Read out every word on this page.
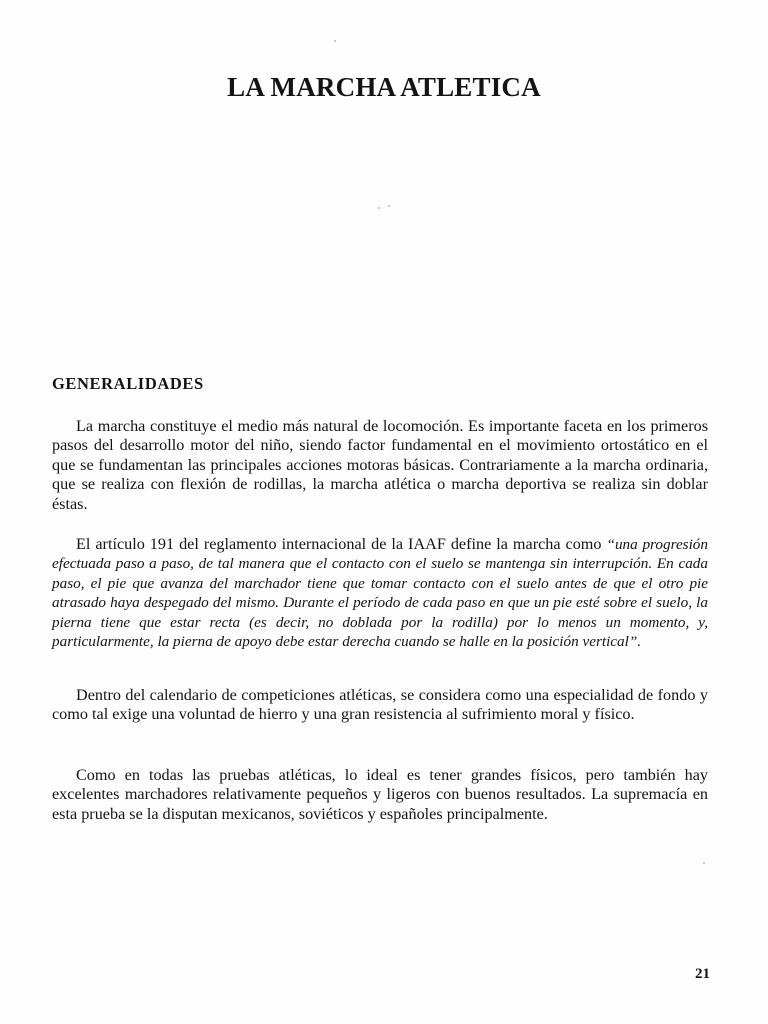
LA MARCHA ATLETICA
GENERALIDADES

La marcha constituye el medio más natural de locomoción. Es importante faceta en los primeros pasos del desarrollo motor del niño, siendo factor fundamental en el movimiento ortostático en el que se fundamentan las principales acciones motoras básicas. Contrariamente a la marcha ordinaria, que se realiza con flexión de rodillas, la marcha atlética o marcha deportiva se realiza sin doblar éstas.

El artículo 191 del reglamento internacional de la IAAF define la marcha como “una progresión efectuada paso a paso, de tal manera que el contacto con el suelo se mantenga sin interrupción. En cada paso, el pie que avanza del marchador tiene que tomar contacto con el suelo antes de que el otro pie atrasado haya despegado del mismo. Durante el período de cada paso en que un pie esté sobre el suelo, la pierna tiene que estar recta (es decir, no doblada por la rodilla) por lo menos un momento, y, particularmente, la pierna de apoyo debe estar derecha cuando se halle en la posición vertical”.

Dentro del calendario de competiciones atléticas, se considera como una especialidad de fondo y como tal exige una voluntad de hierro y una gran resistencia al sufrimiento moral y físico.

Como en todas las pruebas atléticas, lo ideal es tener grandes físicos, pero también hay excelentes marchadores relativamente pequeños y ligeros con buenos resultados. La supremacía en esta prueba se la disputan mexicanos, soviéticos y españoles principalmente.

21
